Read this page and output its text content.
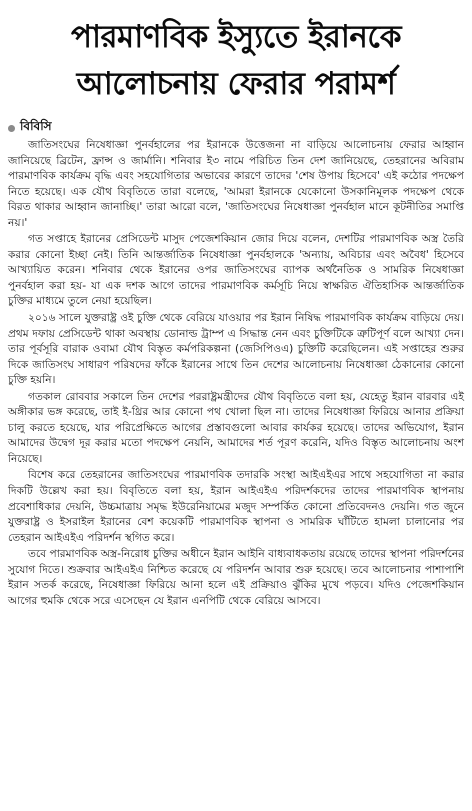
পারমাণবিক ইস্যুতে ইরানকে আলোচনায় ফেরার পরামর্শ
বিবিসি

জাতিসংঘের নিষেধাজ্ঞা পুনর্বহালের পর ইরানকে উত্তেজনা না বাড়িয়ে আলোচনায় ফেরার আহ্বান জানিয়েছে ব্রিটেন, ফ্রান্স ও জার্মানি। শনিবার ই৩ নামে পরিচিত তিন দেশ জানিয়েছে, তেহরানের অবিরাম পারমাণবিক কার্যক্রম বৃদ্ধি এবং সহযোগিতার অভাবের কারণে তাদের 'শেষ উপায় হিসেবে' এই কঠোর পদক্ষেপ নিতে হয়েছে। এক যৌথ বিবৃতিতে তারা বলেছে, 'আমরা ইরানকে যেকোনো উসকানিমূলক পদক্ষেপ থেকে বিরত থাকার আহ্বান জানাচ্ছি।' তারা আরো বলে, 'জাতিসংঘের নিষেধাজ্ঞা পুনর্বহাল মানে কূটনীতির সমাপ্তি নয়।'

গত সপ্তাহে ইরানের প্রেসিডেন্ট মাসুদ পেজেশকিয়ান জোর দিয়ে বলেন, দেশটির পারমাণবিক অস্ত্র তৈরি করার কোনো ইচ্ছা নেই। তিনি আন্তর্জাতিক নিষেধাজ্ঞা পুনর্বহালকে 'অন্যায়, অবিচার এবং অবৈধ' হিসেবে আখ্যায়িত করেন। শনিবার থেকে ইরানের ওপর জাতিসংঘের ব্যাপক অর্থনৈতিক ও সামরিক নিষেধাজ্ঞা পুনর্বহাল করা হয়- যা এক দশক আগে তাদের পারমাণবিক কর্মসূচি নিয়ে স্বাক্ষরিত ঐতিহাসিক আন্তর্জাতিক চুক্তির মাধ্যমে তুলে নেয়া হয়েছিল।

২০১৬ সালে যুক্তরাষ্ট্র ওই চুক্তি থেকে বেরিয়ে যাওয়ার পর ইরান নিষিদ্ধ পারমাণবিক কার্যক্রম বাড়িয়ে দেয়। প্রথম দফায় প্রেসিডেন্ট থাকা অবস্থায় ডোনাল্ড ট্রাম্প এ সিদ্ধান্ত নেন এবং চুক্তিটিকে ত্রুটিপূর্ণ বলে আখ্যা দেন। তার পূর্বসূরি বারাক ওবামা যৌথ বিস্তৃত কর্মপরিকল্পনা (জেসিপিওএ) চুক্তিটি করেছিলেন। এই সপ্তাহের শুরুর দিকে জাতিসংঘ সাধারণ পরিষদের ফাঁকে ইরানের সাথে তিন দেশের আলোচনায় নিষেধাজ্ঞা ঠেকানোর কোনো চুক্তি হয়নি।

গতকাল রোববার সকালে তিন দেশের পররাষ্ট্রমন্ত্রীদের যৌথ বিবৃতিতে বলা হয়, যেহেতু ইরান বারবার এই অঙ্গীকার ভঙ্গ করেছে, তাই ই-থ্রির আর কোনো পথ খোলা ছিল না। তাদের নিষেধাজ্ঞা ফিরিয়ে আনার প্রক্রিয়া চালু করতে হয়েছে, যার পরিপ্রেক্ষিতে আগের প্রস্তাবগুলো আবার কার্যকর হয়েছে। তাদের অভিযোগ, ইরান আমাদের উদ্বেগ দূর করার মতো পদক্ষেপ নেয়নি, আমাদের শর্ত পূরণ করেনি, যদিও বিস্তৃত আলোচনায় অংশ নিয়েছে।

বিশেষ করে তেহরানের জাতিসংঘের পারমাণবিক তদারকি সংস্থা আইএইএর সাথে সহযোগিতা না করার দিকটি উল্লেখ করা হয়। বিবৃতিতে বলা হয়, ইরান আইএইএ পরিদর্শকদের তাদের পারমাণবিক স্থাপনায় প্রবেশাধিকার দেয়নি, উচ্চমাত্রায় সমৃদ্ধ ইউরেনিয়ামের মজুদ সম্পর্কিত কোনো প্রতিবেদনও দেয়নি। গত জুনে যুক্তরাষ্ট্র ও ইসরাইল ইরানের বেশ কয়েকটি পারমাণবিক স্থাপনা ও সামরিক ঘাঁটিতে হামলা চালানোর পর তেহরান আইএইএ পরিদর্শন স্থগিত করে।

তবে পারমাণবিক অস্ত্র-নিরোধ চুক্তির অধীনে ইরান আইনি বাধ্যবাধকতায় রয়েছে তাদের স্থাপনা পরিদর্শনের সুযোগ দিতে। শুক্রবার আইএইএ নিশ্চিত করেছে যে পরিদর্শন আবার শুরু হয়েছে। তবে আলোচনার পাশাপাশি ইরান সতর্ক করেছে, নিষেধাজ্ঞা ফিরিয়ে আনা হলে এই প্রক্রিয়াও ঝুঁকির মুখে পড়বে। যদিও পেজেশকিয়ান আগের হুমকি থেকে সরে এসেছেন যে ইরান এনপিটি থেকে বেরিয়ে আসবে।
